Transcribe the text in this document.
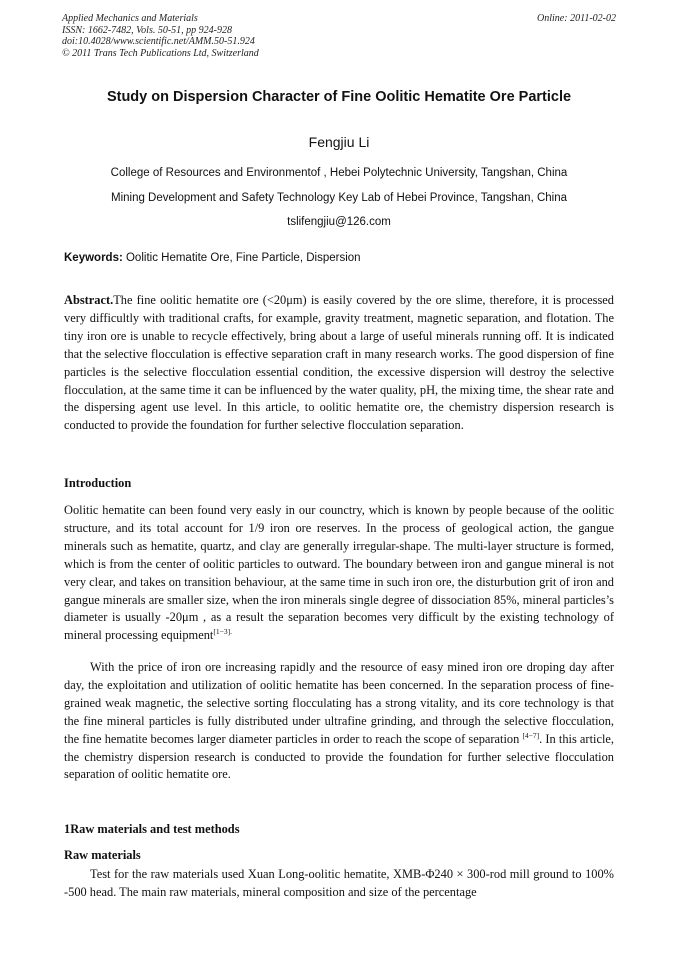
Applied Mechanics and Materials
ISSN: 1662-7482, Vols. 50-51, pp 924-928
doi:10.4028/www.scientific.net/AMM.50-51.924
© 2011 Trans Tech Publications Ltd, Switzerland
Online: 2011-02-02
Study on Dispersion Character of Fine Oolitic Hematite Ore Particle
Fengjiu Li
College of Resources and Environmentof , Hebei Polytechnic University, Tangshan, China
Mining Development and Safety Technology Key Lab of Hebei Province, Tangshan, China
tslifengjiu@126.com
Keywords: Oolitic Hematite Ore, Fine Particle, Dispersion
Abstract.The fine oolitic hematite ore (<20μm) is easily covered by the ore slime, therefore, it is processed very difficultly with traditional crafts, for example, gravity treatment, magnetic separation, and flotation. The tiny iron ore is unable to recycle effectively, bring about a large of useful minerals running off. It is indicated that the selective flocculation is effective separation craft in many research works. The good dispersion of fine particles is the selective flocculation essential condition, the excessive dispersion will destroy the selective flocculation, at the same time it can be influenced by the water quality, pH, the mixing time, the shear rate and the dispersing agent use level. In this article, to oolitic hematite ore, the chemistry dispersion research is conducted to provide the foundation for further selective flocculation separation.
Introduction
Oolitic hematite can been found very easly in our counctry, which is known by people because of the oolitic structure, and its total account for 1/9 iron ore reserves. In the process of geological action, the gangue minerals such as hematite, quartz, and clay are generally irregular-shape. The multi-layer structure is formed, which is from the center of oolitic particles to outward. The boundary between iron and gangue mineral is not very clear, and takes on transition behaviour, at the same time in such iron ore, the disturbution grit of iron and gangue minerals are smaller size, when the iron minerals single degree of dissociation 85%, mineral particles’s diameter is usually -20μm , as a result the separation becomes very difficult by the existing technology of mineral processing equipment$^{[1-3].}$
With the price of iron ore increasing rapidly and the resource of easy mined iron ore droping day after day, the exploitation and utilization of oolitic hematite has been concerned. In the separation process of fine-grained weak magnetic, the selective sorting flocculating has a strong vitality, and its core technology is that the fine mineral particles is fully distributed under ultrafine grinding, and through the selective flocculation, the fine hematite becomes larger diameter particles in order to reach the scope of separation [4−7]. In this article, the chemistry dispersion research is conducted to provide the foundation for further selective flocculation separation of oolitic hematite ore.
1Raw materials and test methods
Raw materials
Test for the raw materials used Xuan Long-oolitic hematite, XMB-Φ240 × 300-rod mill ground to 100% -500 head. The main raw materials, mineral composition and size of the percentage
